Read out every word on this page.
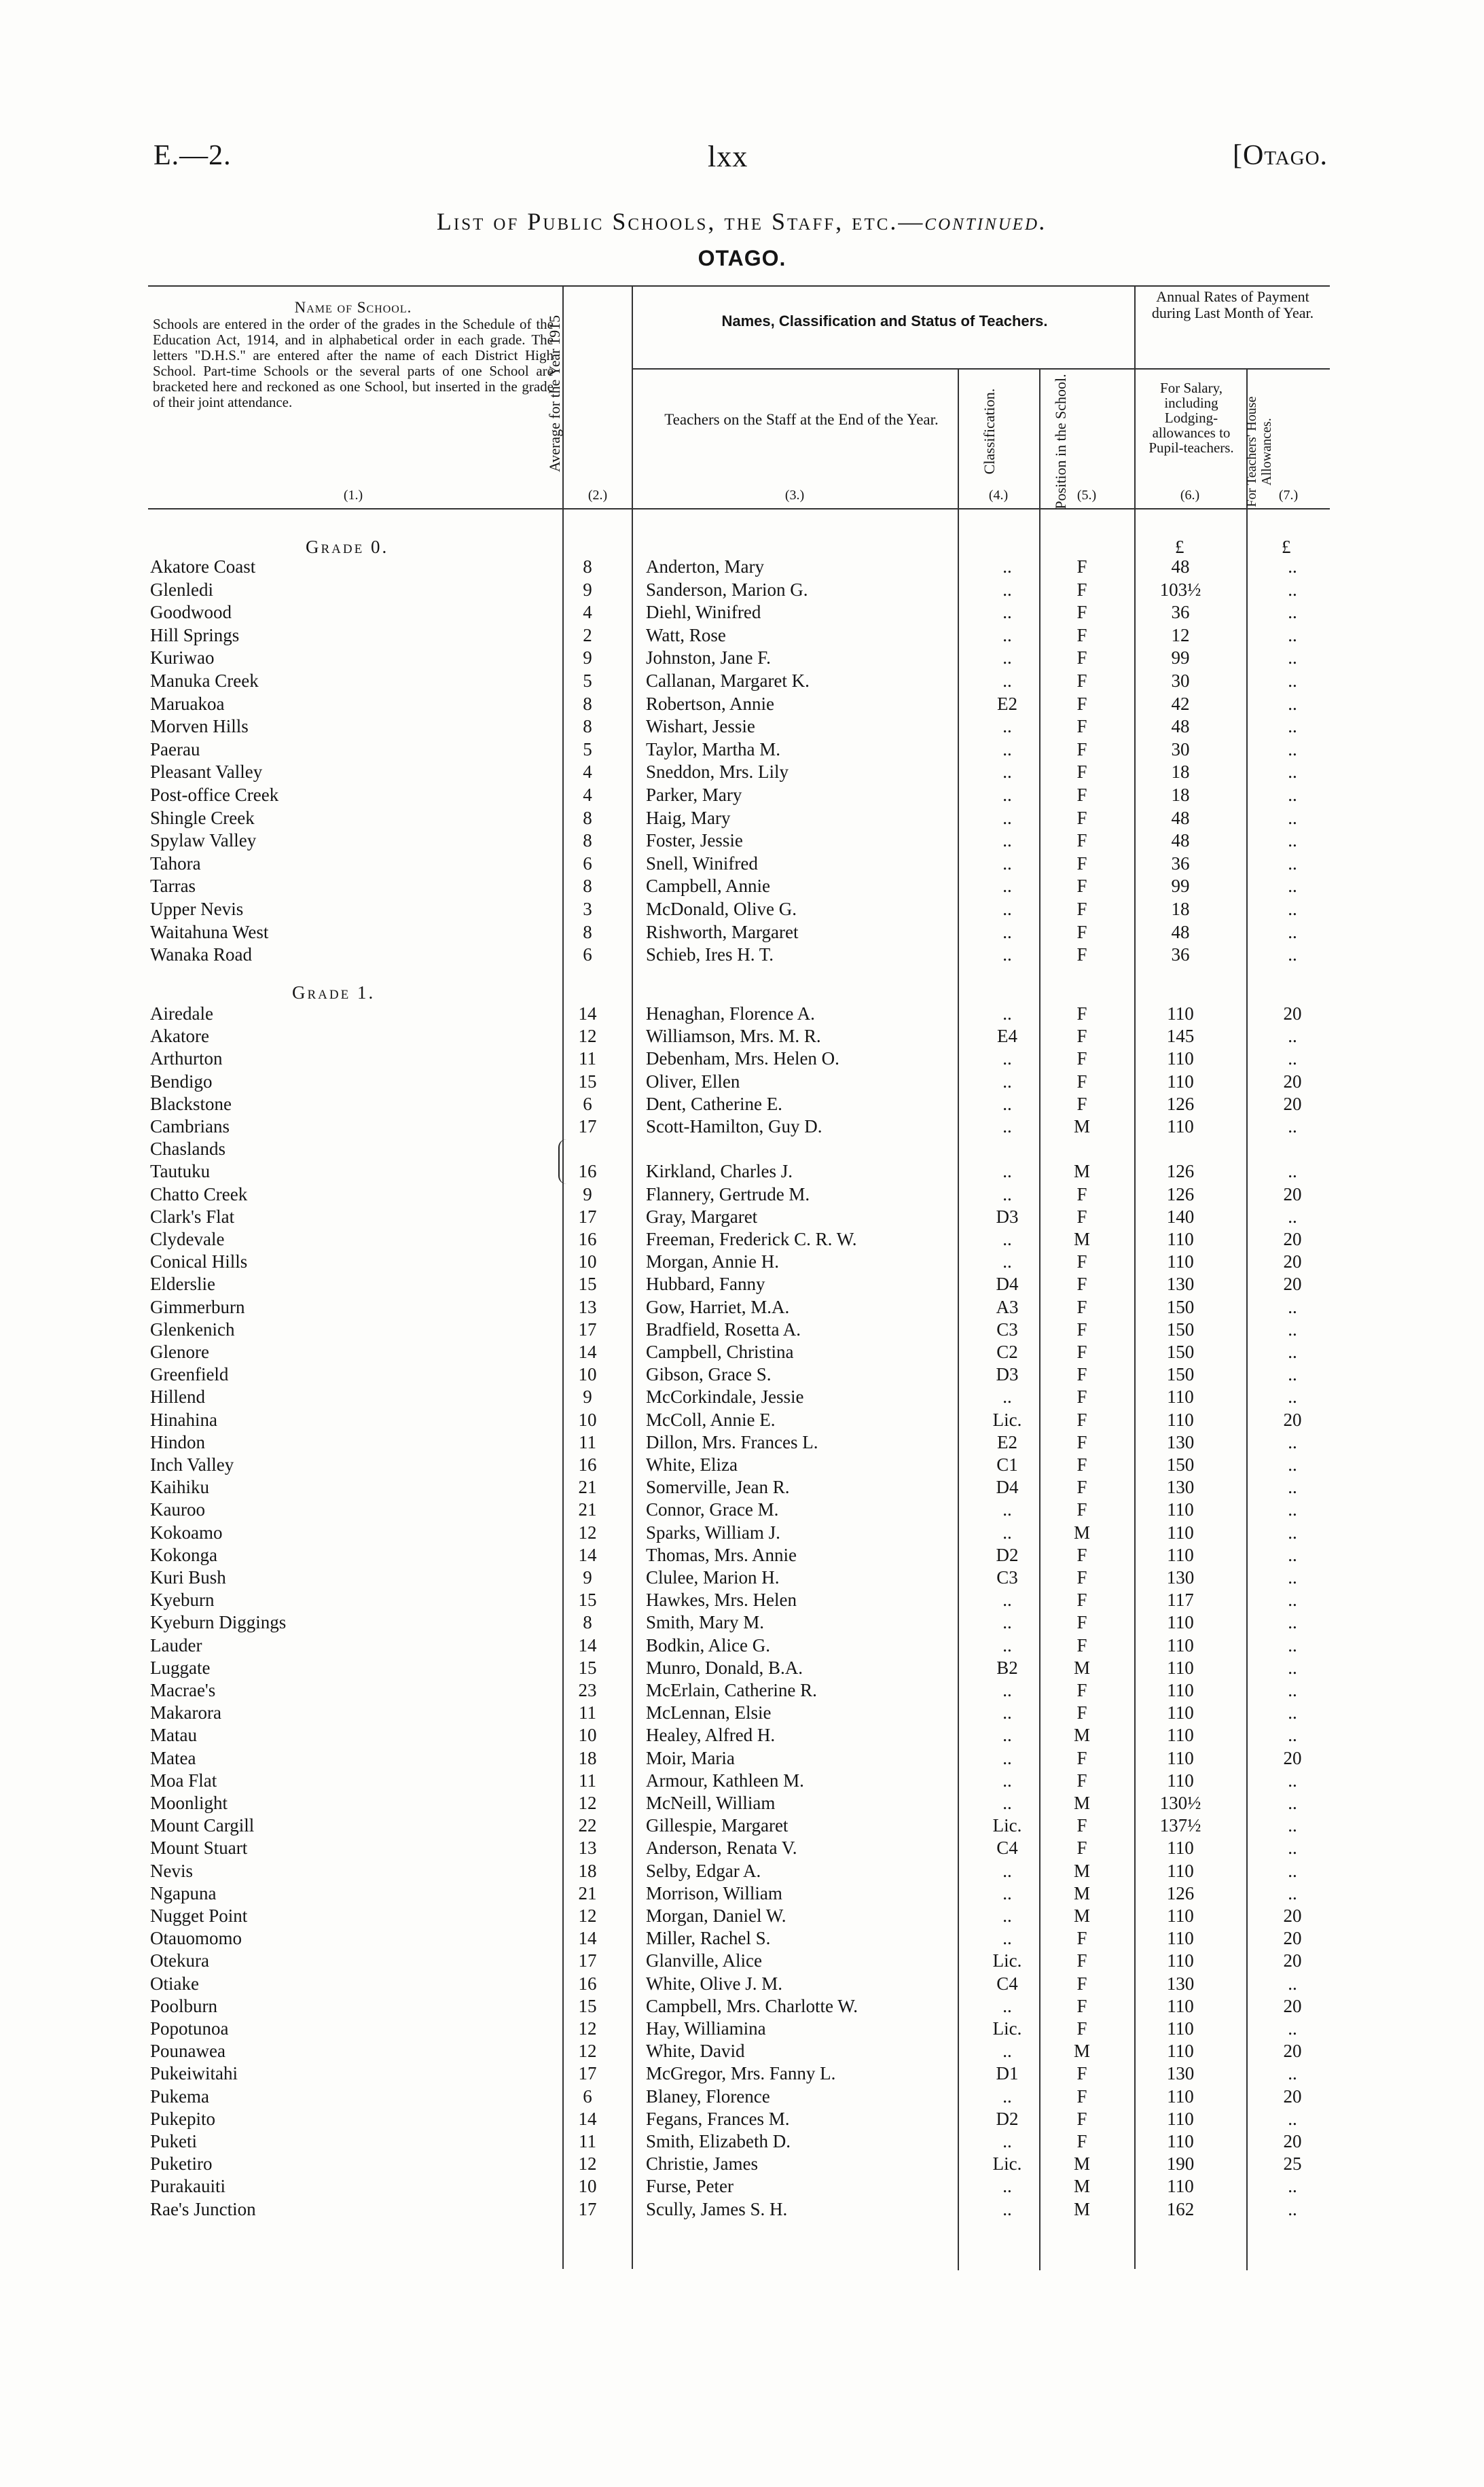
E.—2.	lxx	[Otago.
List of Public Schools, the Staff, etc.—continued.
OTAGO.
Name of School.
Schools are entered in the order of the grades in the Schedule of the Education Act, 1914, and in alphabetical order in each grade. The letters "D.H.S." are entered after the name of each District High School. Part-time Schools or the several parts of one School are bracketed here and reckoned as one School, but inserted in the grade of their joint attendance.	Average for the Year 1915	Names, Classification and Status of Teachers.
Annual Rates of Payment during Last Month of Year.
Teachers on the Staff at the End of the Year.	Classification.	Position in the School.	For Salary, including Lodging-allowances to Pupil-teachers. For Teachers' House Allowances.
(1.)	(2.)	(3.)	(4.)	(5.)	(6.)	(7.)
£	£
Grade 0.
Grade 1.
Akatore Coast	8	Anderton, Mary	..	F	48	..
Glenledi	9	Sanderson, Marion G.	..	F	103½	..
Goodwood	4	Diehl, Winifred	..	F	36	..
Hill Springs	2	Watt, Rose	..	F	12	..
Kuriwao	9	Johnston, Jane F.	..	F	99	..
Manuka Creek	5	Callanan, Margaret K.	..	F	30	..
Maruakoa	8	Robertson, Annie	E2	F	42	..
Morven Hills	8	Wishart, Jessie	..	F	48	..
Paerau	5	Taylor, Martha M.	..	F	30	..
Pleasant Valley	4	Sneddon, Mrs. Lily	..	F	18	..
Post-office Creek	4	Parker, Mary	..	F	18	..
Shingle Creek	8	Haig, Mary	..	F	48	..
Spylaw Valley	8	Foster, Jessie	..	F	48	..
Tahora	6	Snell, Winifred	..	F	36	..
Tarras	8	Campbell, Annie	..	F	99	..
Upper Nevis	3	McDonald, Olive G.	..	F	18	..
Waitahuna West	8	Rishworth, Margaret	..	F	48	..
Wanaka Road	6	Schieb, Ires H. T.	..	F	36	..
Airedale	14	Henaghan, Florence A.	..	F	110	20
Akatore	12	Williamson, Mrs. M. R.	E4	F	145	..
Arthurton	11	Debenham, Mrs. Helen O.	..	F	110	..
Bendigo	15	Oliver, Ellen	..	F	110	20
Blackstone	6	Dent, Catherine E.	..	F	126	20
Cambrians	17	Scott-Hamilton, Guy D.	..	M	110	..
Chaslands
Tautuku	16	Kirkland, Charles J.	..	M	126	..
Chatto Creek	9	Flannery, Gertrude M.	..	F	126	20
Clark's Flat	17	Gray, Margaret	D3	F	140	..
Clydevale	16	Freeman, Frederick C. R. W.	..	M	110	20
Conical Hills	10	Morgan, Annie H.	..	F	110	20
Elderslie	15	Hubbard, Fanny	D4	F	130	20
Gimmerburn	13	Gow, Harriet, M.A.	A3	F	150	..
Glenkenich	17	Bradfield, Rosetta A.	C3	F	150	..
Glenore	14	Campbell, Christina	C2	F	150	..
Greenfield	10	Gibson, Grace S.	D3	F	150	..
Hillend	9	McCorkindale, Jessie	..	F	110	..
Hinahina	10	McColl, Annie E.	Lic.	F	110	20
Hindon	11	Dillon, Mrs. Frances L.	E2	F	130	..
Inch Valley	16	White, Eliza	C1	F	150	..
Kaihiku	21	Somerville, Jean R.	D4	F	130	..
Kauroo	21	Connor, Grace M.	..	F	110	..
Kokoamo	12	Sparks, William J.	..	M	110	..
Kokonga	14	Thomas, Mrs. Annie	D2	F	110	..
Kuri Bush	9	Clulee, Marion H.	C3	F	130	..
Kyeburn	15	Hawkes, Mrs. Helen	..	F	117	..
Kyeburn Diggings	8	Smith, Mary M.	..	F	110	..
Lauder	14	Bodkin, Alice G.	..	F	110	..
Luggate	15	Munro, Donald, B.A.	B2	M	110	..
Macrae's	23	McErlain, Catherine R.	..	F	110	..
Makarora	11	McLennan, Elsie	..	F	110	..
Matau	10	Healey, Alfred H.	..	M	110	..
Matea	18	Moir, Maria	..	F	110	20
Moa Flat	11	Armour, Kathleen M.	..	F	110	..
Moonlight	12	McNeill, William	..	M	130½	..
Mount Cargill	22	Gillespie, Margaret	Lic.	F	137½	..
Mount Stuart	13	Anderson, Renata V.	C4	F	110	..
Nevis	18	Selby, Edgar A.	..	M	110	..
Ngapuna	21	Morrison, William	..	M	126	..
Nugget Point	12	Morgan, Daniel W.	..	M	110	20
Otauomomo	14	Miller, Rachel S.	..	F	110	20
Otekura	17	Glanville, Alice	Lic.	F	110	20
Otiake	16	White, Olive J. M.	C4	F	130	..
Poolburn	15	Campbell, Mrs. Charlotte W.	..	F	110	20
Popotunoa	12	Hay, Williamina	Lic.	F	110	..
Pounawea	12	White, David	..	M	110	20
Pukeiwitahi	17	McGregor, Mrs. Fanny L.	D1	F	130	..
Pukema	6	Blaney, Florence	..	F	110	20
Pukepito	14	Fegans, Frances M.	D2	F	110	..
Puketi	11	Smith, Elizabeth D.	..	F	110	20
Puketiro	12	Christie, James	Lic.	M	190	25
Purakauiti	10	Furse, Peter	..	M	110	..
Rae's Junction	17	Scully, James S. H.	..	M	162	..
